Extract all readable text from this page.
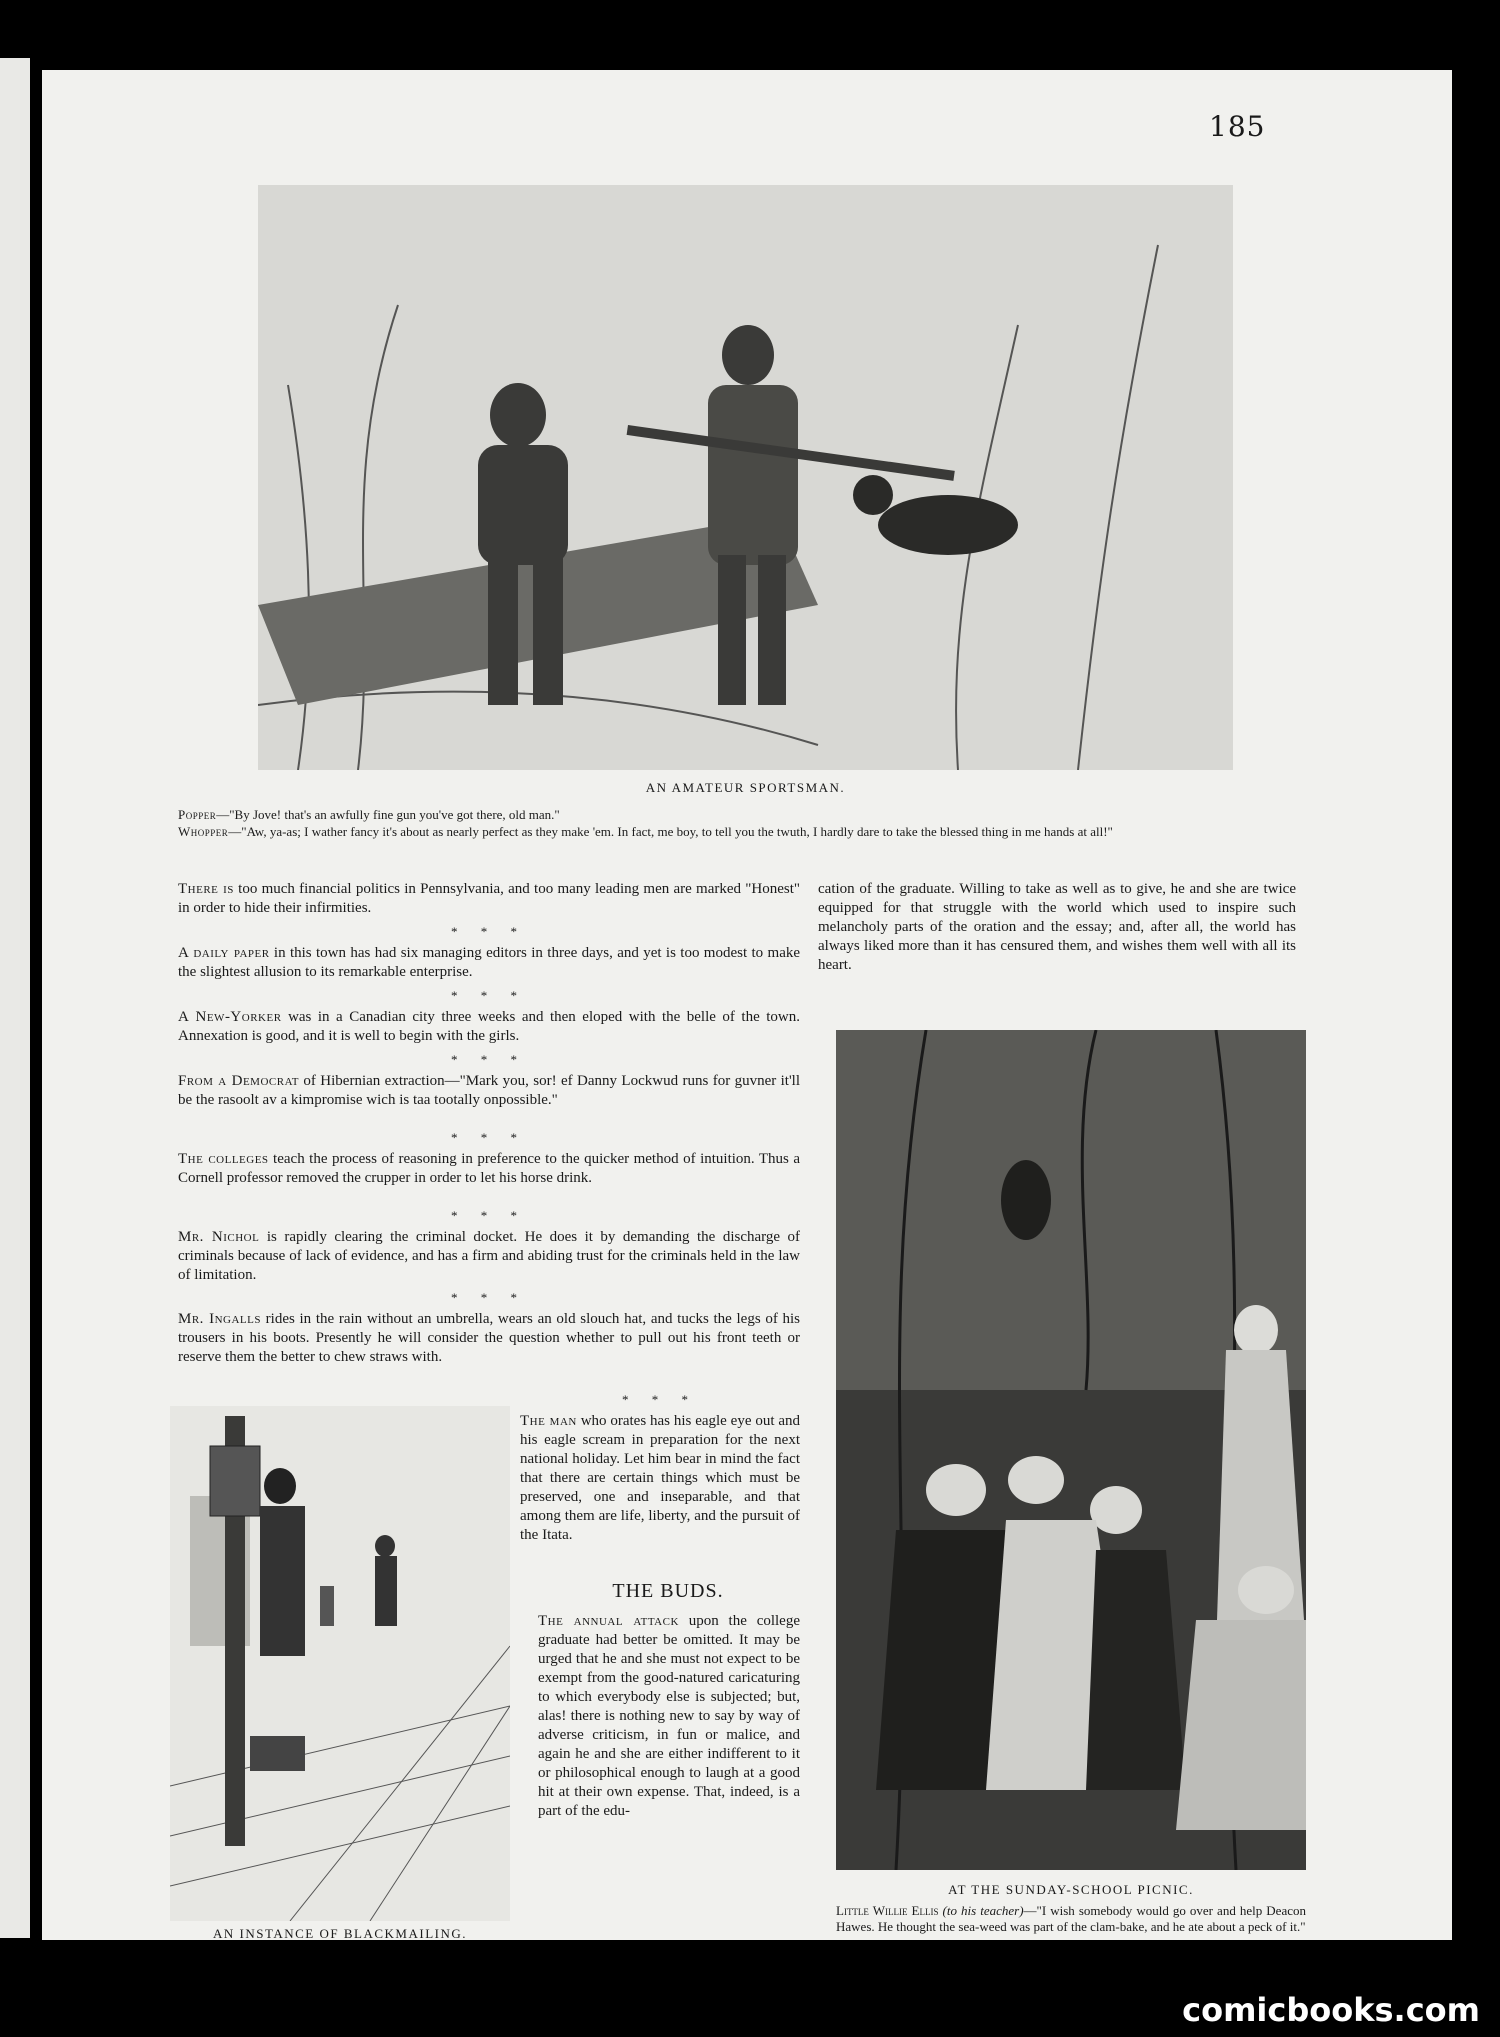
185
AN AMATEUR SPORTSMAN.
Popper—"By Jove! that's an awfully fine gun you've got there, old man."
Whopper—"Aw, ya-as; I wather fancy it's about as nearly perfect as they make 'em. In fact, me boy, to tell you the twuth, I hardly dare to take the blessed thing in me hands at all!"
There is too much financial politics in Pennsylvania, and too many leading men are marked "Honest" in order to hide their infirmities.
* * *
A daily paper in this town has had six managing editors in three days, and yet is too modest to make the slightest allusion to its remarkable enterprise.
* * *
A New-Yorker was in a Canadian city three weeks and then eloped with the belle of the town. Annexation is good, and it is well to begin with the girls.
* * *
From a Democrat of Hibernian extraction—"Mark you, sor! ef Danny Lockwud runs for guvner it'll be the rasoolt av a kimpromise wich is taa tootally onpossible."
* * *
The colleges teach the process of reasoning in preference to the quicker method of intuition. Thus a Cornell professor removed the crupper in order to let his horse drink.
* * *
Mr. Nichol is rapidly clearing the criminal docket. He does it by demanding the discharge of criminals because of lack of evidence, and has a firm and abiding trust for the criminals held in the law of limitation.
* * *
Mr. Ingalls rides in the rain without an umbrella, wears an old slouch hat, and tucks the legs of his trousers in his boots. Presently he will consider the question whether to pull out his front teeth or reserve them the better to chew straws with.
* * *
The man who orates has his eagle eye out and his eagle scream in preparation for the next national holiday. Let him bear in mind the fact that there are certain things which must be preserved, one and inseparable, and that among them are life, liberty, and the pursuit of the Itata.
THE BUDS.
The annual attack upon the college graduate had better be omitted. It may be urged that he and she must not expect to be exempt from the good-natured caricaturing to which everybody else is subjected; but, alas! there is nothing new to say by way of adverse criticism, in fun or malice, and again he and she are either indifferent to it or philosophical enough to laugh at a good hit at their own expense. That, indeed, is a part of the edu-
AN INSTANCE OF BLACKMAILING.
cation of the graduate. Willing to take as well as to give, he and she are twice equipped for that struggle with the world which used to inspire such melancholy parts of the oration and the essay; and, after all, the world has always liked more than it has censured them, and wishes them well with all its heart.
AT THE SUNDAY-SCHOOL PICNIC.
Little Willie Ellis (to his teacher)—"I wish somebody would go over and help Deacon Hawes. He thought the sea-weed was part of the clam-bake, and he ate about a peck of it."
comicbooks.com
